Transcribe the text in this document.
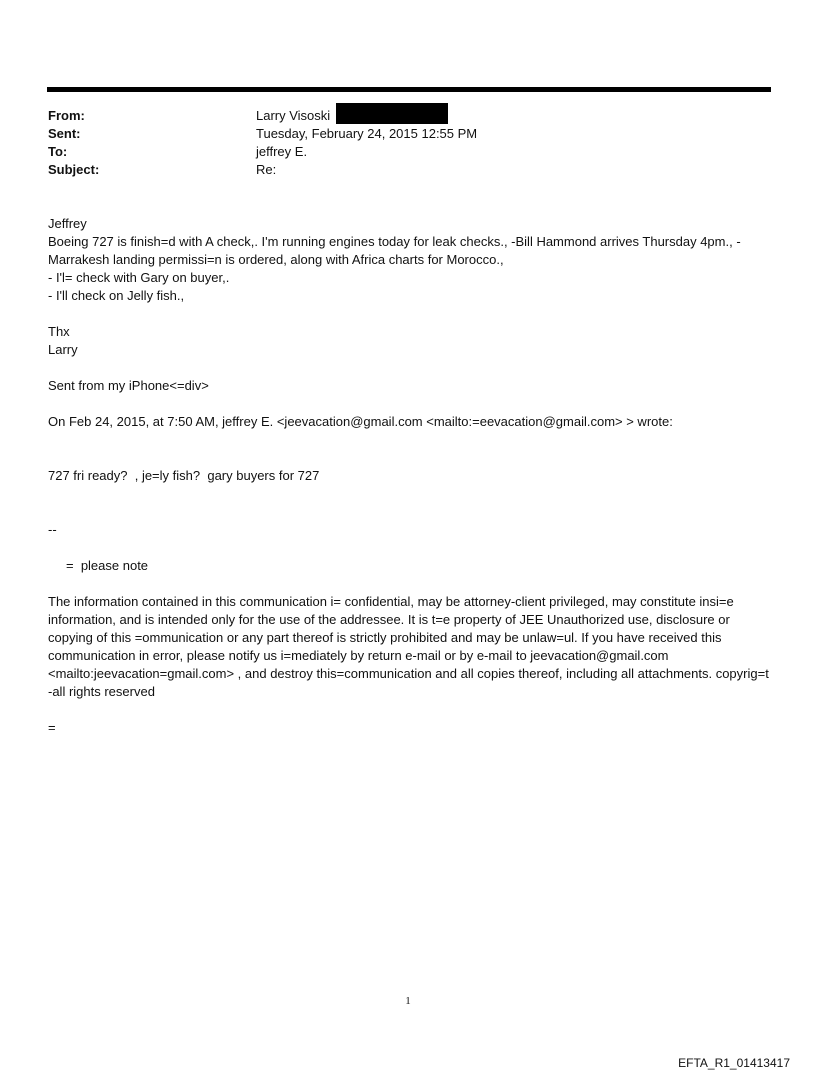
From:
Sent:
To:
Subject:
Larry Visoski
Tuesday, February 24, 2015 12:55 PM
jeffrey E.
Re:
Jeffrey
Boeing 727 is finish=d with A check,. I'm running engines today for leak checks., -Bill Hammond arrives Thursday 4pm., -Marrakesh landing permissi=n is ordered, along with Africa charts for Morocco.,
- I'l= check with Gary on buyer,.
- I'll check on Jelly fish.,
Thx
Larry
Sent from my iPhone<=div>
On Feb 24, 2015, at 7:50 AM, jeffrey E. <jeevacation@gmail.com <mailto:=eevacation@gmail.com> > wrote:
727 fri ready?  , je=ly fish?  gary buyers for 727
--
=  please note
The information contained in this communication i= confidential, may be attorney-client privileged, may constitute insi=e information, and is intended only for the use of the addressee. It is t=e property of JEE Unauthorized use, disclosure or copying of this =ommunication or any part thereof is strictly prohibited and may be unlaw=ul. If you have received this communication in error, please notify us i=mediately by return e-mail or by e-mail to jeevacation@gmail.com <mailto:jeevacation=gmail.com> , and destroy this=communication and all copies thereof, including all attachments. copyrig=t -all rights reserved
=
1
EFTA_R1_01413417
